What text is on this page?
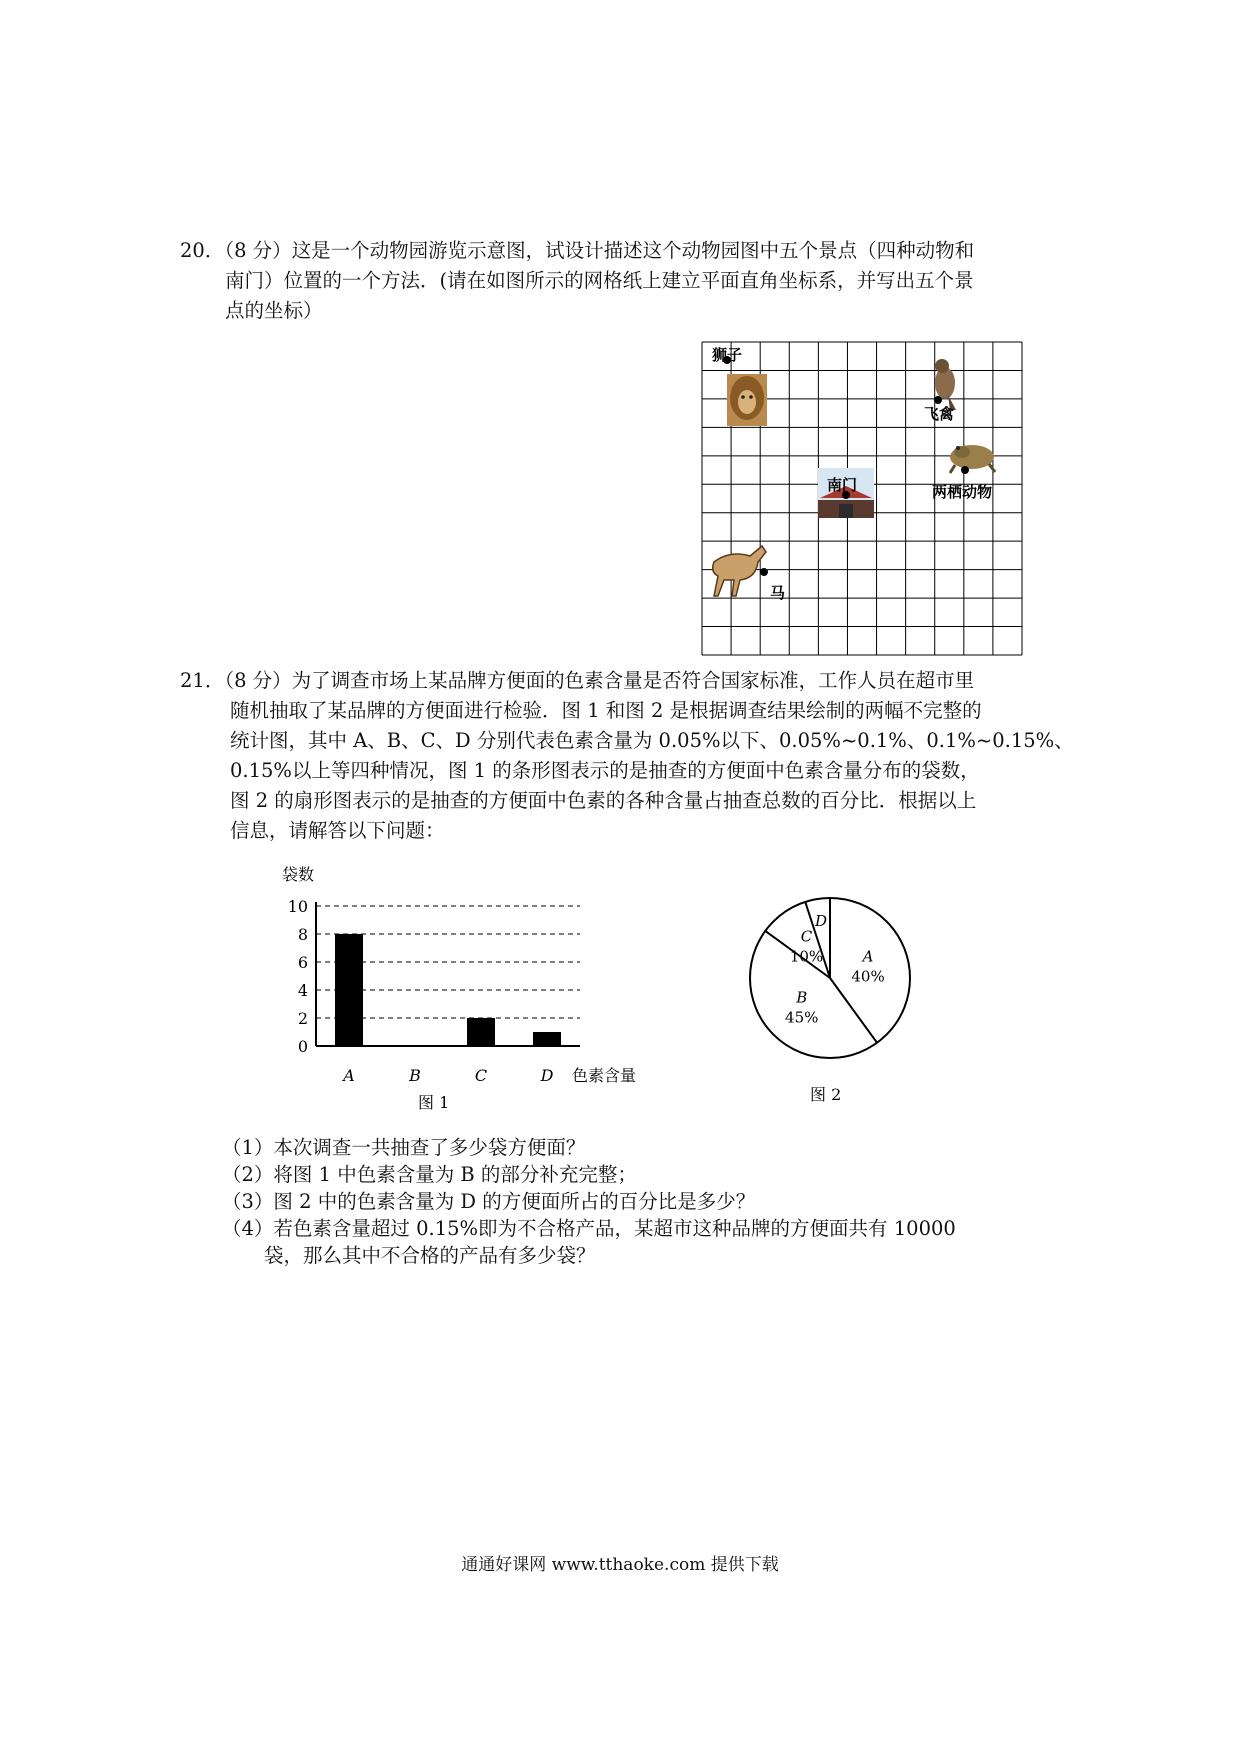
20．（8 分）这是一个动物园游览示意图，试设计描述这个动物园图中五个景点（四种动物和
南门）位置的一个方法．(请在如图所示的网格纸上建立平面直角坐标系，并写出五个景
点的坐标）
狮子
飞禽
两栖动物
南门
马
21．（8 分）为了调查市场上某品牌方便面的色素含量是否符合国家标准，工作人员在超市里
随机抽取了某品牌的方便面进行检验．图 1 和图 2 是根据调查结果绘制的两幅不完整的
统计图，其中 A、B、C、D 分别代表色素含量为 0.05%以下、0.05%~0.1%、0.1%~0.15%、
0.15%以上等四种情况，图 1 的条形图表示的是抽查的方便面中色素含量分布的袋数，
图 2 的扇形图表示的是抽查的方便面中色素的各种含量占抽查总数的百分比．根据以上
信息，请解答以下问题：
袋数
0
2
4
6
8
10
A	B	C	D 色素含量
图 1
A
40%
B
45%
C
10%
D
图 2
（1）本次调查一共抽查了多少袋方便面？
（2）将图 1 中色素含量为 B 的部分补充完整；
（3）图 2 中的色素含量为 D 的方便面所占的百分比是多少？
（4）若色素含量超过 0.15%即为不合格产品，某超市这种品牌的方便面共有 10000
袋，那么其中不合格的产品有多少袋？
通通好课网 www.tthaoke.com 提供下载
